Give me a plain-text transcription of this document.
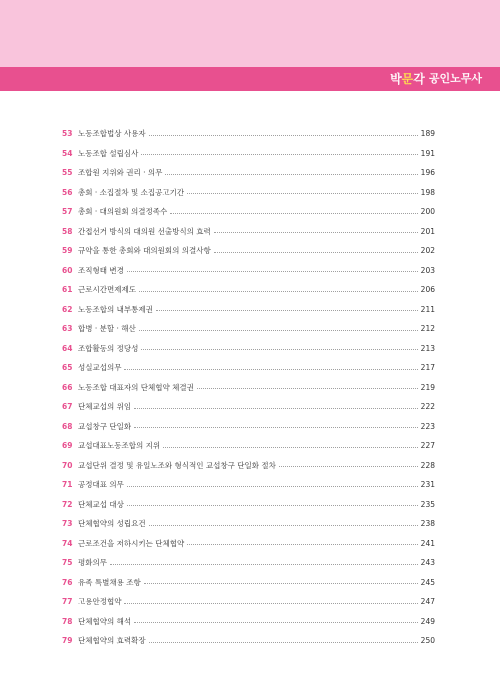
박문각 공인노무사
53 노동조합법상 사용자	189
54 노동조합 설립심사	191
55 조합원 지위와 권리 · 의무	196
56 총회 · 소집절차 및 소집공고기간	198
57 총회 · 대의원회 의결정족수	200
58 간접선거 방식의 대의원 선출방식의 효력	201
59 규약을 통한 총회와 대의원회의 의결사항	202
60 조직형태 변경	203
61 근로시간면제제도	206
62 노동조합의 내부통제권	211
63 합병 · 분할 · 해산	212
64 조합활동의 정당성	213
65 성실교섭의무	217
66 노동조합 대표자의 단체협약 체결권	219
67 단체교섭의 위임	222
68 교섭창구 단일화	223
69 교섭대표노동조합의 지위	227
70 교섭단위 결정 및 유일노조와 형식적인 교섭창구 단일화 절차	228
71 공정대표 의무	231
72 단체교섭 대상	235
73 단체협약의 성립요건	238
74 근로조건을 저하시키는 단체협약	241
75 평화의무	243
76 유족 특별채용 조항	245
77 고용안정협약	247
78 단체협약의 해석	249
79 단체협약의 효력확장	250
